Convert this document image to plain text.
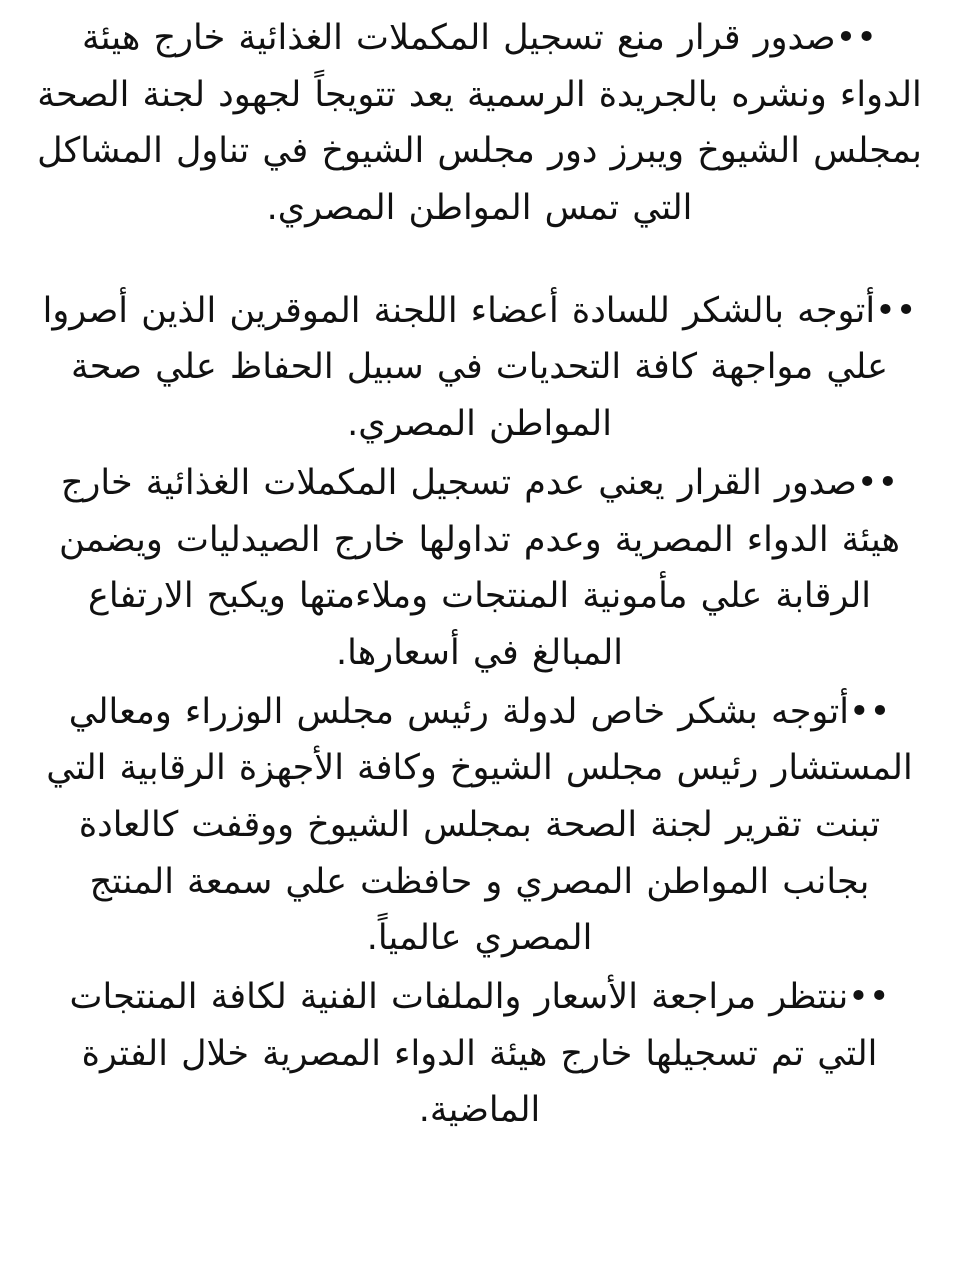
••صدور قرار منع تسجيل المكملات الغذائية خارج هيئة الدواء ونشره بالجريدة الرسمية يعد تتويجاً لجهود لجنة الصحة بمجلس الشيوخ ويبرز دور مجلس الشيوخ في تناول المشاكل التي تمس المواطن المصري.

••أتوجه بالشكر للسادة أعضاء اللجنة الموقرين الذين أصروا علي مواجهة كافة التحديات في سبيل الحفاظ علي صحة المواطن المصري.

••صدور القرار يعني عدم تسجيل المكملات الغذائية خارج هيئة الدواء المصرية وعدم تداولها خارج الصيدليات ويضمن الرقابة علي مأمونية المنتجات وملاءمتها ويكبح الارتفاع المبالغ في أسعارها.

••أتوجه بشكر خاص لدولة رئيس مجلس الوزراء ومعالي المستشار رئيس مجلس الشيوخ وكافة الأجهزة الرقابية التي تبنت تقرير لجنة الصحة بمجلس الشيوخ ووقفت كالعادة بجانب المواطن المصري و حافظت علي سمعة المنتج المصري عالمياً.

••ننتظر مراجعة الأسعار والملفات الفنية لكافة المنتجات التي تم تسجيلها خارج هيئة الدواء المصرية خلال الفترة الماضية.
